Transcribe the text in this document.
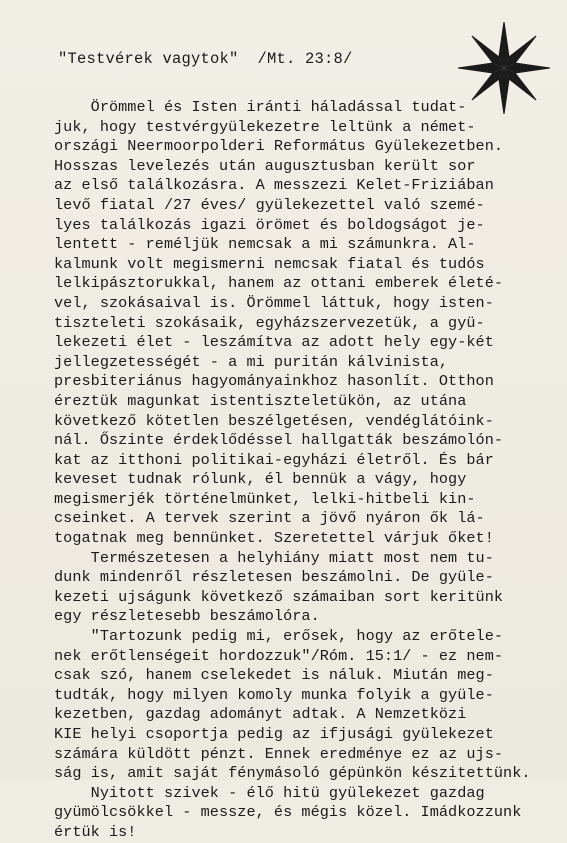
"Testvérek vagytok"  /Mt. 23:8/
Örömmel és Isten iránti háladással tudat-
juk, hogy testvérgyülekezetre leltünk a német-
országi Neermoorpolderi Református Gyülekezetben.
Hosszas levelezés után augusztusban került sor
az első találkozásra. A messzezi Kelet-Friziában
levő fiatal /27 éves/ gyülekezettel való szemé-
lyes találkozás igazi örömet és boldogságot je-
lentett - reméljük nemcsak a mi számunkra. Al-
kalmunk volt megismerni nemcsak fiatal és tudós
lelkipásztorukkal, hanem az ottani emberek életé-
vel, szokásaival is. Örömmel láttuk, hogy isten-
tiszteleti szokásaik, egyházszervezetük, a gyü-
lekezeti élet - leszámítva az adott hely egy-két
jellegzetességét - a mi puritán kálvinista,
presbiteriánus hagyományainkhoz hasonlít. Otthon
éreztük magunkat istentiszteletükön, az utána
következő kötetlen beszélgetésen, vendéglátóink-
nál. Őszinte érdeklődéssel hallgatták beszámolón-
kat az itthoni politikai-egyházi életről. És bár
keveset tudnak rólunk, él bennük a vágy, hogy
megismerjék történelmünket, lelki-hitbeli kin-
cseinket. A tervek szerint a jövő nyáron ők lá-
togatnak meg bennünket. Szeretettel várjuk őket!
Természetesen a helyhiány miatt most nem tu-
dunk mindenről részletesen beszámolni. De gyüle-
kezeti ujságunk következő számaiban sort keritünk
egy részletesebb beszámolóra.
"Tartozunk pedig mi, erősek, hogy az erőtele-
nek erőtlenségeit hordozzuk"/Róm. 15:1/ - ez nem-
csak szó, hanem cselekedet is náluk. Miután meg-
tudták, hogy milyen komoly munka folyik a gyüle-
kezetben, gazdag adományt adtak. A Nemzetközi
KIE helyi csoportja pedig az ifjusági gyülekezet
számára küldött pénzt. Ennek eredménye ez az ujs-
ság is, amit saját fénymásoló gépünkön készitettünk.
Nyitott szivek - élő hitü gyülekezet gazdag
gyümölcsökkel - messze, és mégis közel. Imádkozzunk
értük is!
